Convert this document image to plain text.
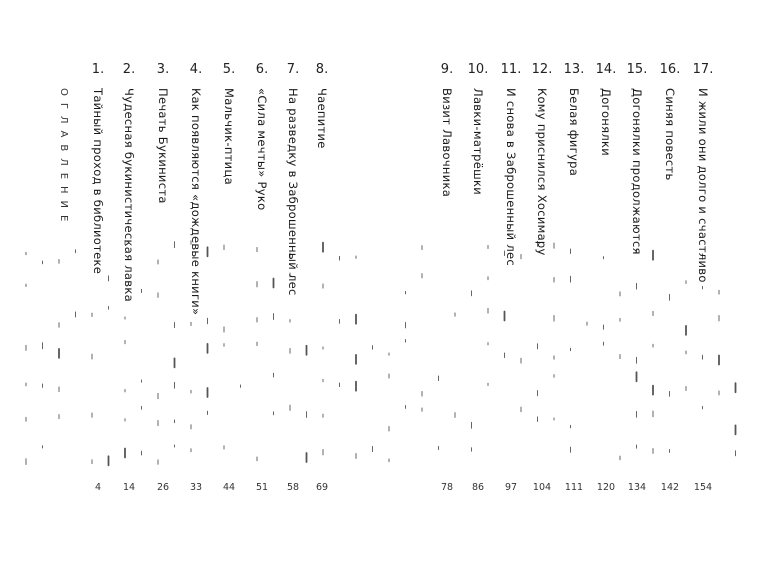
ОГЛАВЛЕНИЕ
1.
Тайный проход в библиотеке
4
2.
Чудесная букинистическая лавка
14
3.
Печать Букиниста
26
4.
Как появляются «дождевые книги»
33
5.
Мальчик-птица
44
6.
«Сила мечты» Руко
51
7.
На разведку в Заброшенный лес
58
8.
Чаепитие
69
9.
Визит Лавочника
78
10.
Лавки-матрёшки
86
11.
И снова в Заброшенный лес
97
12.
Кому приснился Хосимару
104
13.
Белая фигура
111
14.
Догонялки
120
15.
Догонялки продолжаются
134
16.
Синяя повесть
142
17.
И жили они долго и счастливо
154
